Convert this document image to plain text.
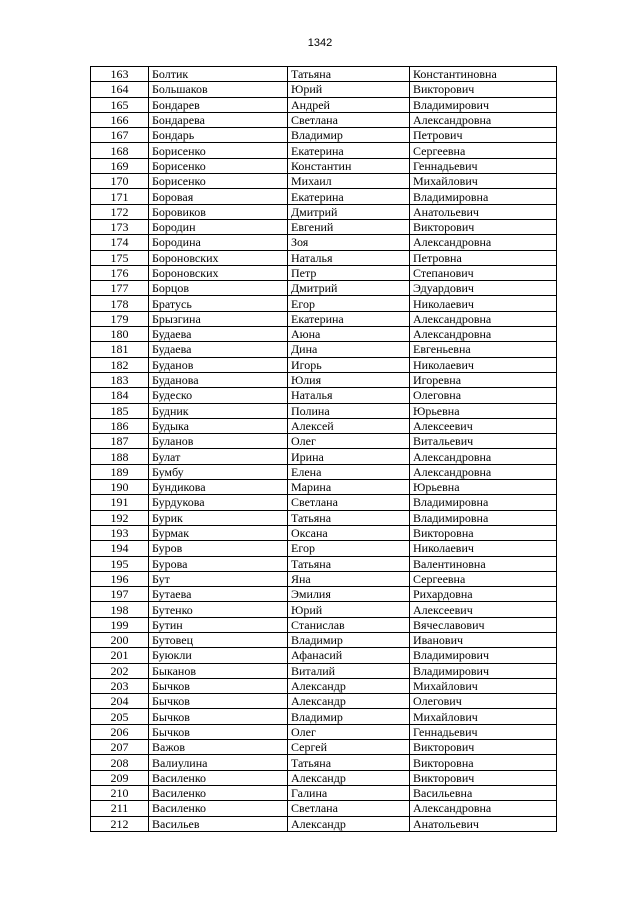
1342
163	Болтик	Татьяна	Константиновна
164	Большаков	Юрий	Викторович
165	Бондарев	Андрей	Владимирович
166	Бондарева	Светлана	Александровна
167	Бондарь	Владимир	Петрович
168	Борисенко	Екатерина	Сергеевна
169	Борисенко	Константин	Геннадьевич
170	Борисенко	Михаил	Михайлович
171	Боровая	Екатерина	Владимировна
172	Боровиков	Дмитрий	Анатольевич
173	Бородин	Евгений	Викторович
174	Бородина	Зоя	Александровна
175	Бороновских	Наталья	Петровна
176	Бороновских	Петр	Степанович
177	Борцов	Дмитрий	Эдуардович
178	Братусь	Егор	Николаевич
179	Брызгина	Екатерина	Александровна
180	Будаева	Аюна	Александровна
181	Будаева	Дина	Евгеньевна
182	Буданов	Игорь	Николаевич
183	Буданова	Юлия	Игоревна
184	Будеско	Наталья	Олеговна
185	Будник	Полина	Юрьевна
186	Будыка	Алексей	Алексеевич
187	Буланов	Олег	Витальевич
188	Булат	Ирина	Александровна
189	Бумбу	Елена	Александровна
190	Бундикова	Марина	Юрьевна
191	Бурдукова	Светлана	Владимировна
192	Бурик	Татьяна	Владимировна
193	Бурмак	Оксана	Викторовна
194	Буров	Егор	Николаевич
195	Бурова	Татьяна	Валентиновна
196	Бут	Яна	Сергеевна
197	Бутаева	Эмилия	Рихардовна
198	Бутенко	Юрий	Алексеевич
199	Бутин	Станислав	Вячеславович
200	Бутовец	Владимир	Иванович
201	Буюкли	Афанасий	Владимирович
202	Быканов	Виталий	Владимирович
203	Бычков	Александр	Михайлович
204	Бычков	Александр	Олегович
205	Бычков	Владимир	Михайлович
206	Бычков	Олег	Геннадьевич
207	Важов	Сергей	Викторович
208	Валиулина	Татьяна	Викторовна
209	Василенко	Александр	Викторович
210	Василенко	Галина	Васильевна
211	Василенко	Светлана	Александровна
212	Васильев	Александр	Анатольевич
